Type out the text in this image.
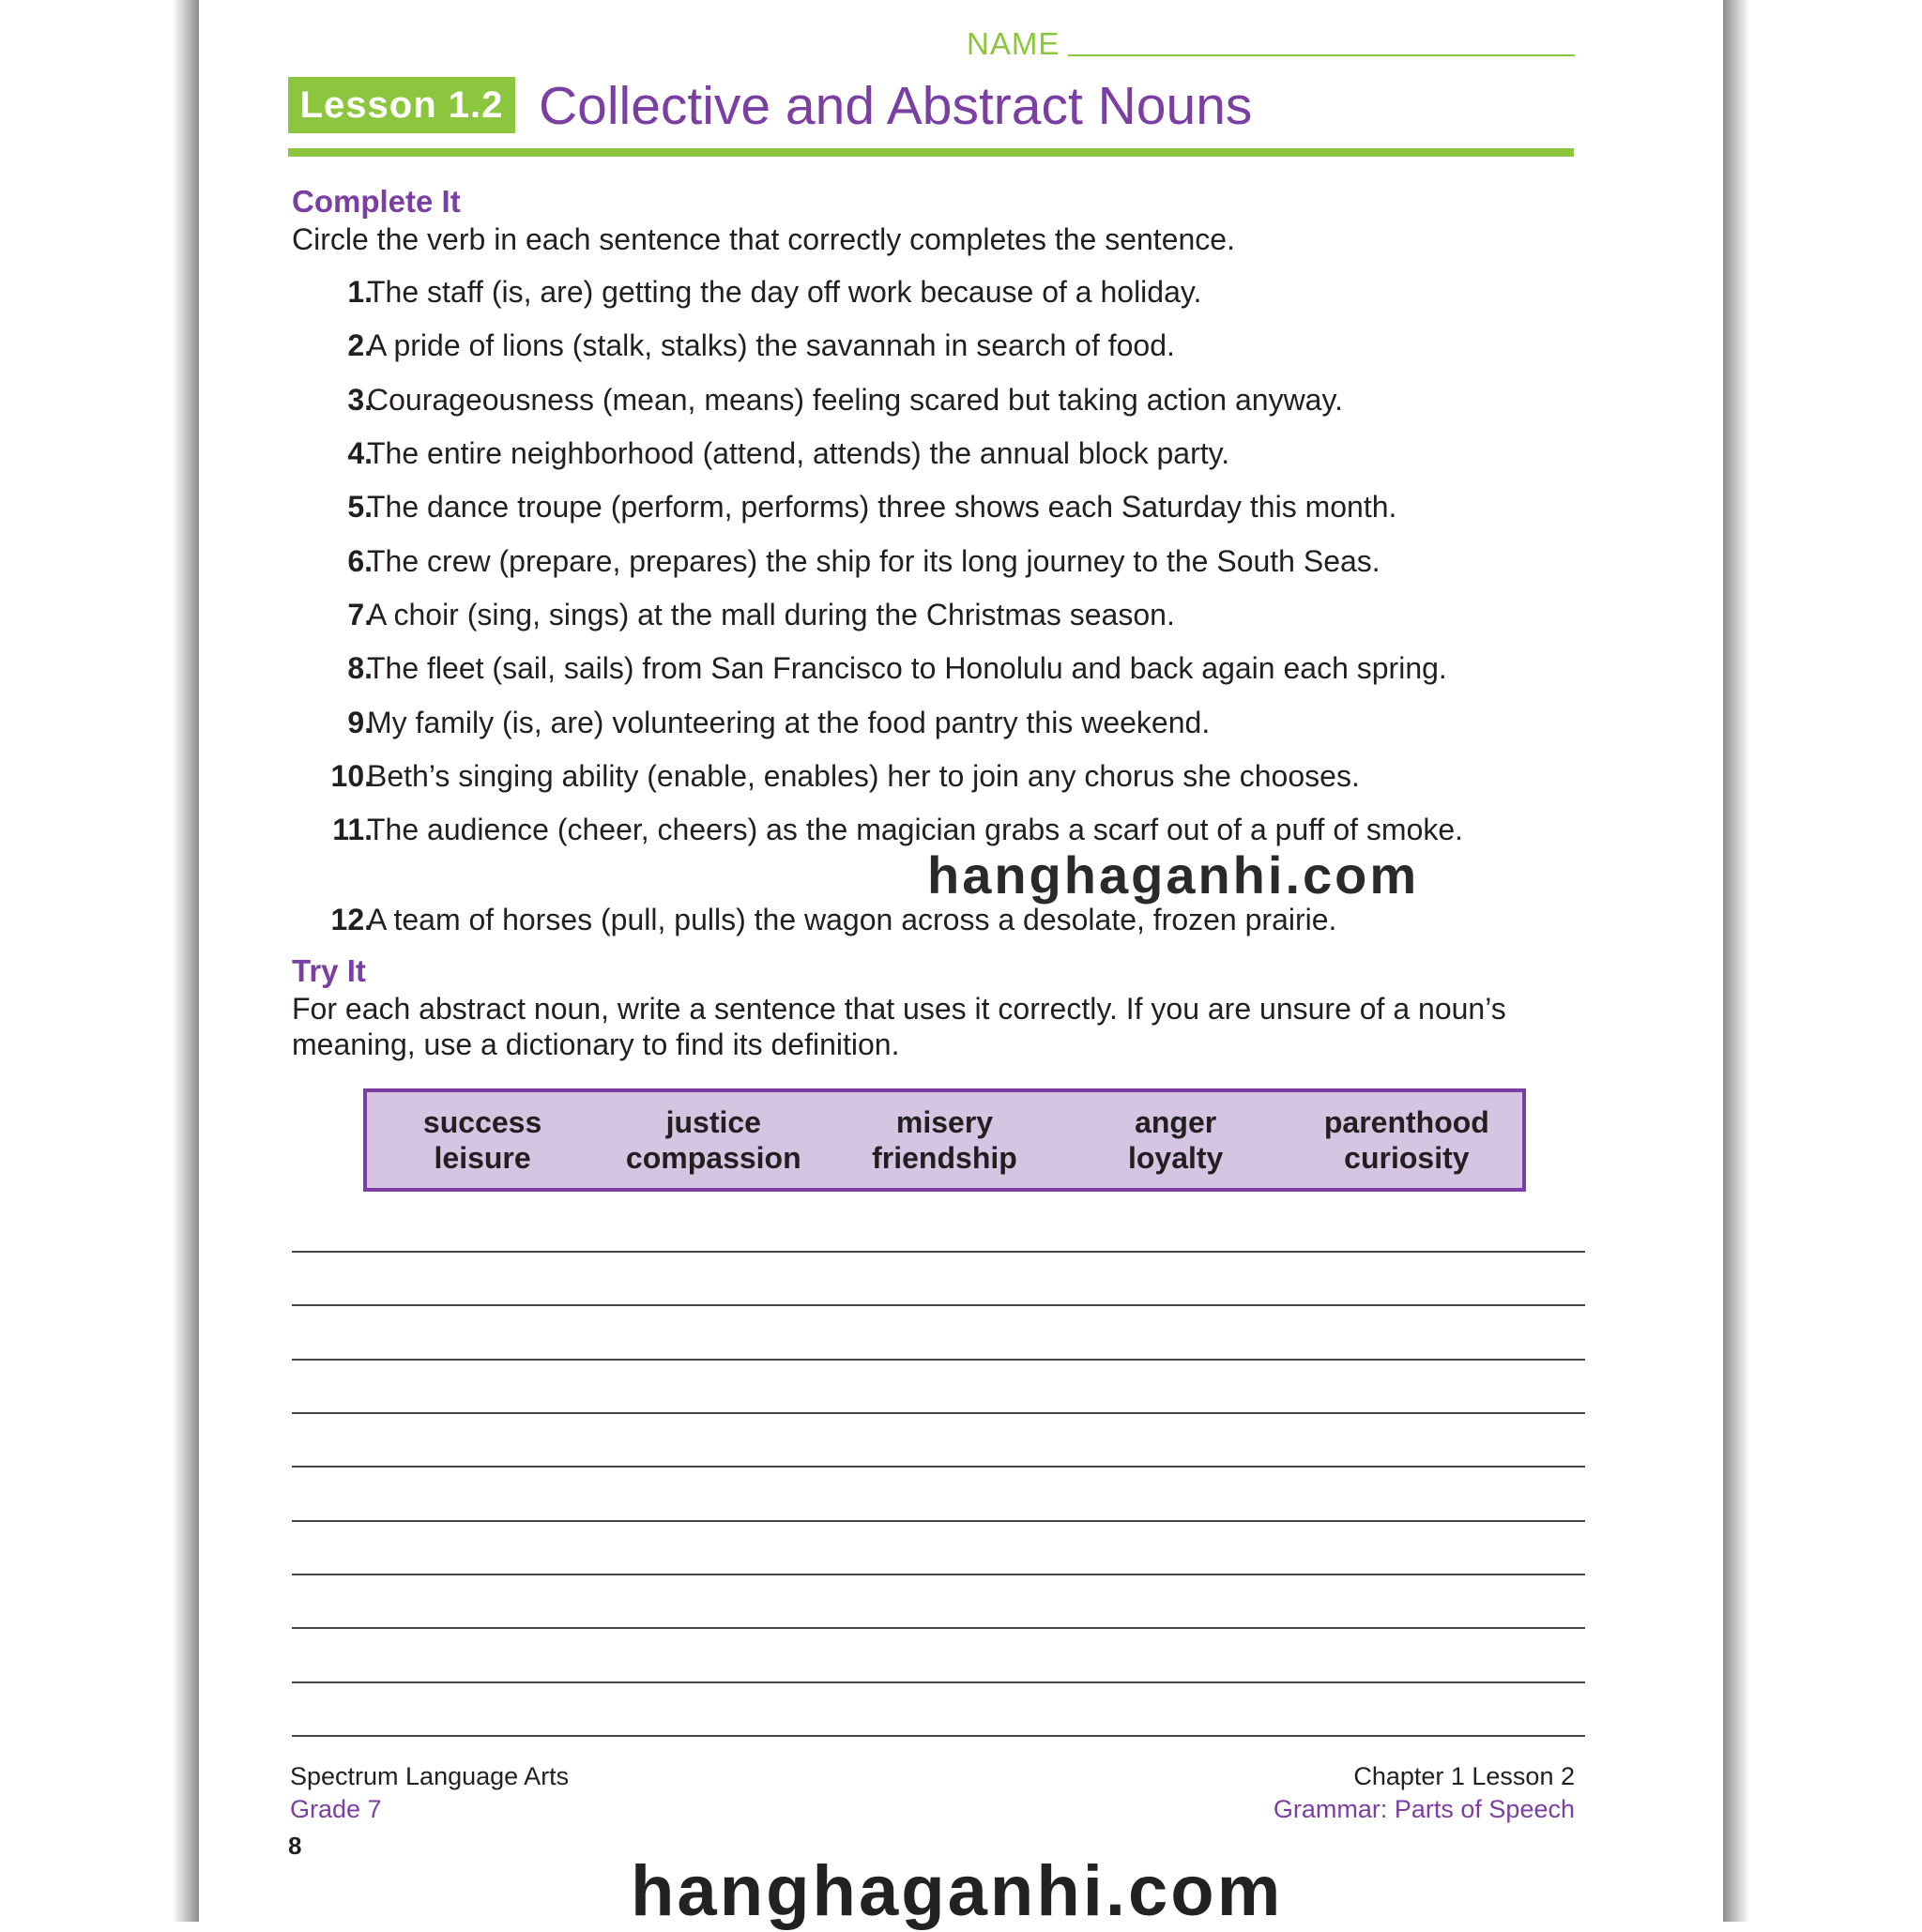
NAME
Lesson 1.2 Collective and Abstract Nouns
Complete It
Circle the verb in each sentence that correctly completes the sentence.
1.
The staff (is, are) getting the day off work because of a holiday.
2.
A pride of lions (stalk, stalks) the savannah in search of food.
3.
Courageousness (mean, means) feeling scared but taking action anyway.
4.
The entire neighborhood (attend, attends) the annual block party.
5.
The dance troupe (perform, performs) three shows each Saturday this month.
6.
The crew (prepare, prepares) the ship for its long journey to the South Seas.
7.
A choir (sing, sings) at the mall during the Christmas season.
8.
The fleet (sail, sails) from San Francisco to Honolulu and back again each spring.
9.
My family (is, are) volunteering at the food pantry this weekend.
10.
Beth’s singing ability (enable, enables) her to join any chorus she chooses.
11.
The audience (cheer, cheers) as the magician grabs a scarf out of a puff of smoke.
12.
A team of horses (pull, pulls) the wagon across a desolate, frozen prairie.
Try It
For each abstract noun, write a sentence that uses it correctly. If you are unsure of a noun’s meaning, use a dictionary to find its definition.
success
leisure
justice
compassion
misery
friendship
anger
loyalty
parenthood
curiosity
Spectrum Language Arts
Grade 7
Chapter 1 Lesson 2
Grammar: Parts of Speech
8
hanghaganhi.com
hanghaganhi.com
